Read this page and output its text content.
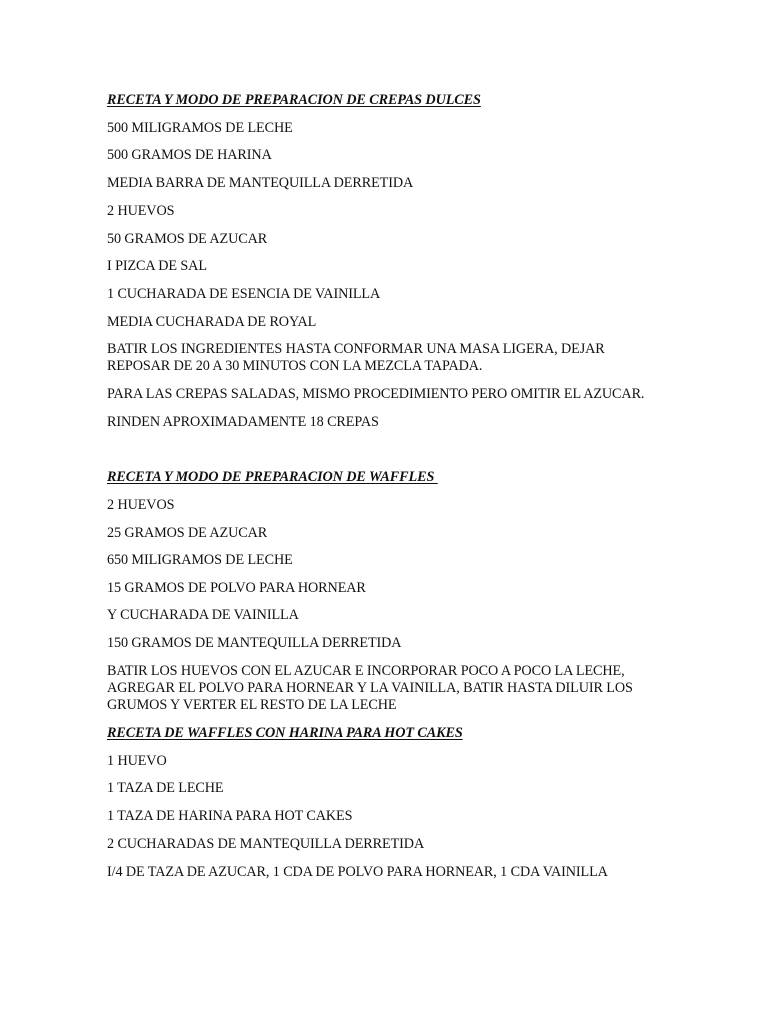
RECETA Y MODO DE PREPARACION DE CREPAS DULCES
500 MILIGRAMOS DE LECHE
500 GRAMOS DE HARINA
MEDIA BARRA DE MANTEQUILLA DERRETIDA
2 HUEVOS
50 GRAMOS DE AZUCAR
I PIZCA DE SAL
1 CUCHARADA DE ESENCIA DE VAINILLA
MEDIA CUCHARADA DE ROYAL
BATIR LOS INGREDIENTES HASTA CONFORMAR UNA MASA LIGERA, DEJAR
REPOSAR DE 20 A 30 MINUTOS CON LA MEZCLA TAPADA.
PARA LAS CREPAS SALADAS, MISMO PROCEDIMIENTO PERO OMITIR EL AZUCAR.
RINDEN APROXIMADAMENTE 18 CREPAS
RECETA Y MODO DE PREPARACION DE WAFFLES
2 HUEVOS
25 GRAMOS DE AZUCAR
650 MILIGRAMOS DE LECHE
15 GRAMOS DE POLVO PARA HORNEAR
Y CUCHARADA DE VAINILLA
150 GRAMOS DE MANTEQUILLA DERRETIDA
BATIR LOS HUEVOS CON EL AZUCAR E INCORPORAR POCO A POCO LA LECHE,
AGREGAR EL POLVO PARA HORNEAR Y LA VAINILLA, BATIR HASTA DILUIR LOS
GRUMOS Y VERTER EL RESTO DE LA LECHE
RECETA DE WAFFLES CON HARINA PARA HOT CAKES
1 HUEVO
1 TAZA DE LECHE
1 TAZA DE HARINA PARA HOT CAKES
2 CUCHARADAS DE MANTEQUILLA DERRETIDA
I/4 DE TAZA DE AZUCAR, 1 CDA DE POLVO PARA HORNEAR, 1 CDA VAINILLA
